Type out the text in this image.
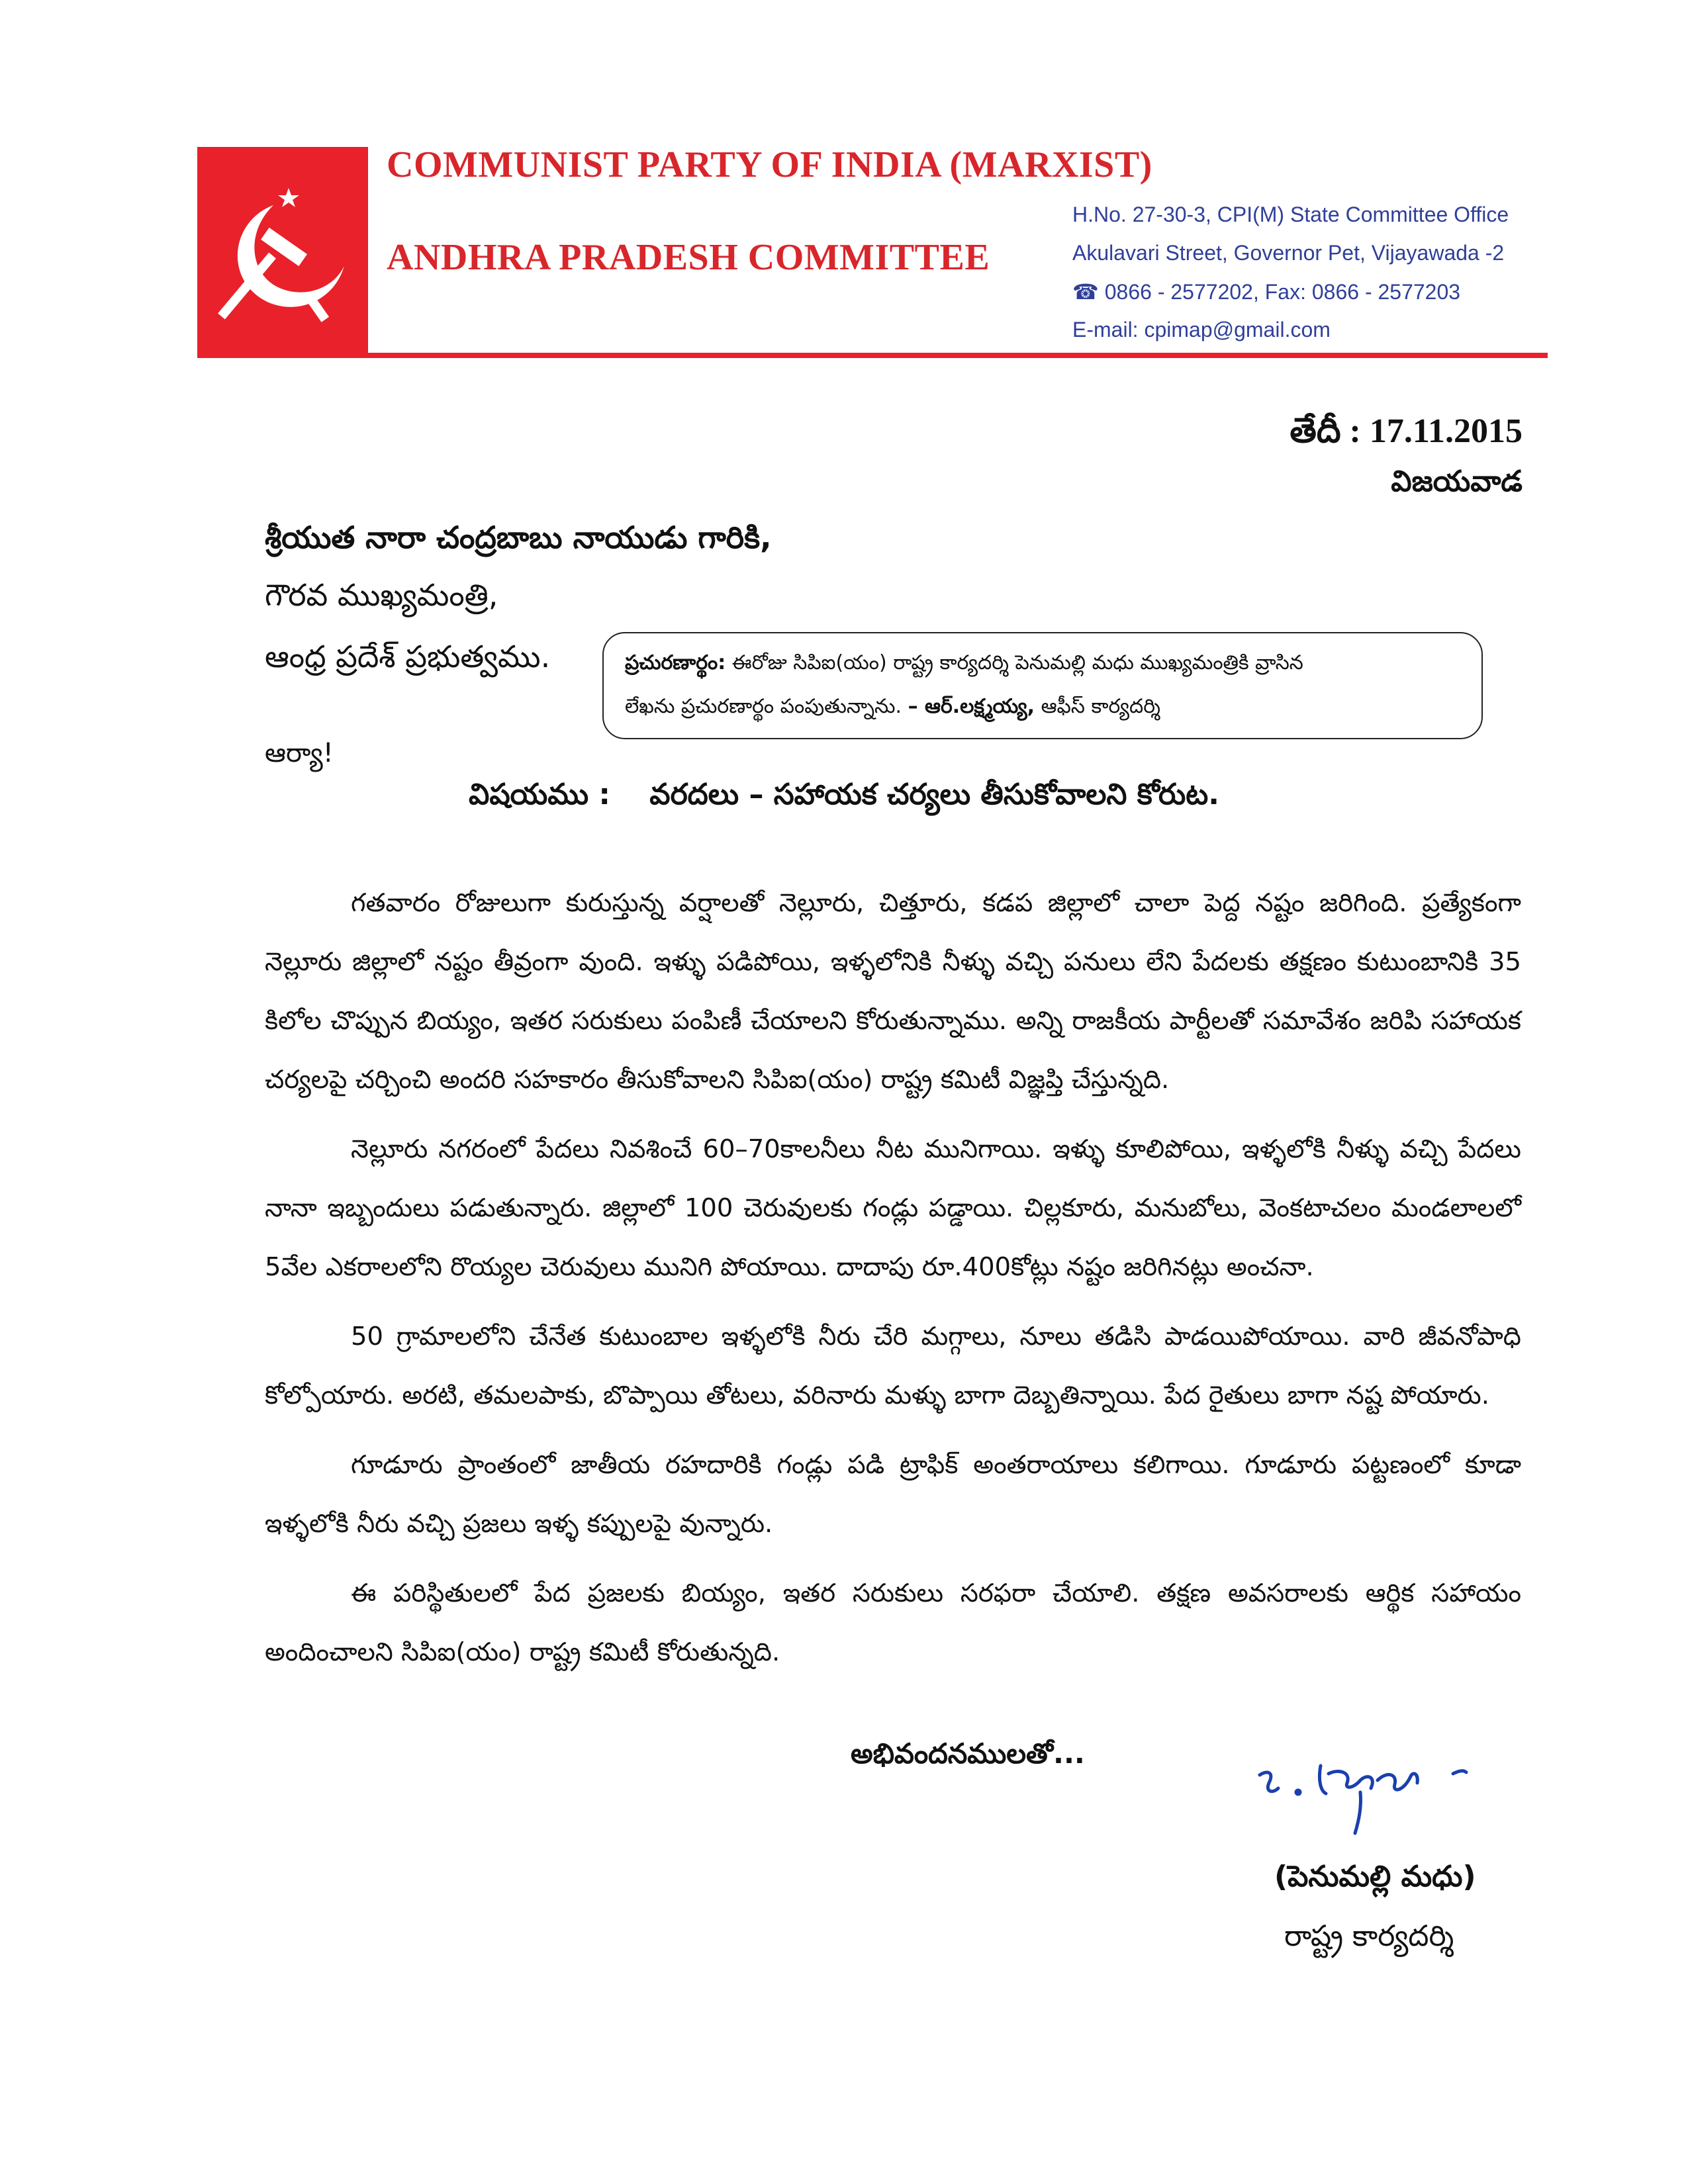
COMMUNIST PARTY OF INDIA (MARXIST)
ANDHRA PRADESH COMMITTEE
H.No. 27-30-3, CPI(M) State Committee Office
Akulavari Street, Governor Pet, Vijayawada -2
☎ 0866 - 2577202, Fax: 0866 - 2577203
E-mail: cpimap@gmail.com
తేదీ : 17.11.2015
విజయవాడ
శ్రీయుత నారా చంద్రబాబు నాయుడు గారికి,
గౌరవ ముఖ్యమంత్రి,
ఆంధ్ర ప్రదేశ్ ప్రభుత్వము.	ప్రచురణార్థం: ఈరోజు సిపిఐ(యం) రాష్ట్ర కార్యదర్శి పెనుమల్లి మధు ముఖ్యమంత్రికి వ్రాసిన
లేఖను ప్రచురణార్థం పంపుతున్నాను. – ఆర్.లక్ష్మయ్య, ఆఫీస్ కార్యదర్శి
ఆర్యా!
విషయము : వరదలు – సహాయక చర్యలు తీసుకోవాలని కోరుట.

గతవారం రోజులుగా కురుస్తున్న వర్షాలతో నెల్లూరు, చిత్తూరు, కడప జిల్లాలో చాలా పెద్ద నష్టం జరిగింది. ప్రత్యేకంగా నెల్లూరు జిల్లాలో నష్టం తీవ్రంగా వుంది. ఇళ్ళు పడిపోయి, ఇళ్ళలోనికి నీళ్ళు వచ్చి పనులు లేని పేదలకు తక్షణం కుటుంబానికి 35 కిలోల చొప్పున బియ్యం, ఇతర సరుకులు పంపిణీ చేయాలని కోరుతున్నాము. అన్ని రాజకీయ పార్టీలతో సమావేశం జరిపి సహాయక చర్యలపై చర్చించి అందరి సహకారం తీసుకోవాలని సిపిఐ(యం) రాష్ట్ర కమిటీ విజ్ఞప్తి చేస్తున్నది.

నెల్లూరు నగరంలో పేదలు నివశించే 60–70కాలనీలు నీట మునిగాయి. ఇళ్ళు కూలిపోయి, ఇళ్ళలోకి నీళ్ళు వచ్చి పేదలు నానా ఇబ్బందులు పడుతున్నారు. జిల్లాలో 100 చెరువులకు గండ్లు పడ్డాయి. చిల్లకూరు, మనుబోలు, వెంకటాచలం మండలాలలో 5వేల ఎకరాలలోని రొయ్యల చెరువులు మునిగి పోయాయి. దాదాపు రూ.400కోట్లు నష్టం జరిగినట్లు అంచనా.

50 గ్రామాలలోని చేనేత కుటుంబాల ఇళ్ళలోకి నీరు చేరి మగ్గాలు, నూలు తడిసి పాడయిపోయాయి. వారి జీవనోపాధి కోల్పోయారు. అరటి, తమలపాకు, బొప్పాయి తోటలు, వరినారు మళ్ళు బాగా దెబ్బతిన్నాయి. పేద రైతులు బాగా నష్ట పోయారు.

గూడూరు ప్రాంతంలో జాతీయ రహదారికి గండ్లు పడి ట్రాఫిక్ అంతరాయాలు కలిగాయి. గూడూరు పట్టణంలో కూడా ఇళ్ళలోకి నీరు వచ్చి ప్రజలు ఇళ్ళ కప్పులపై వున్నారు.

ఈ పరిస్థితులలో పేద ప్రజలకు బియ్యం, ఇతర సరుకులు సరఫరా చేయాలి. తక్షణ అవసరాలకు ఆర్థిక సహాయం అందించాలని సిపిఐ(యం) రాష్ట్ర కమిటీ కోరుతున్నది.

అభివందనములతో...
(పెనుమల్లి మధు)
రాష్ట్ర కార్యదర్శి
